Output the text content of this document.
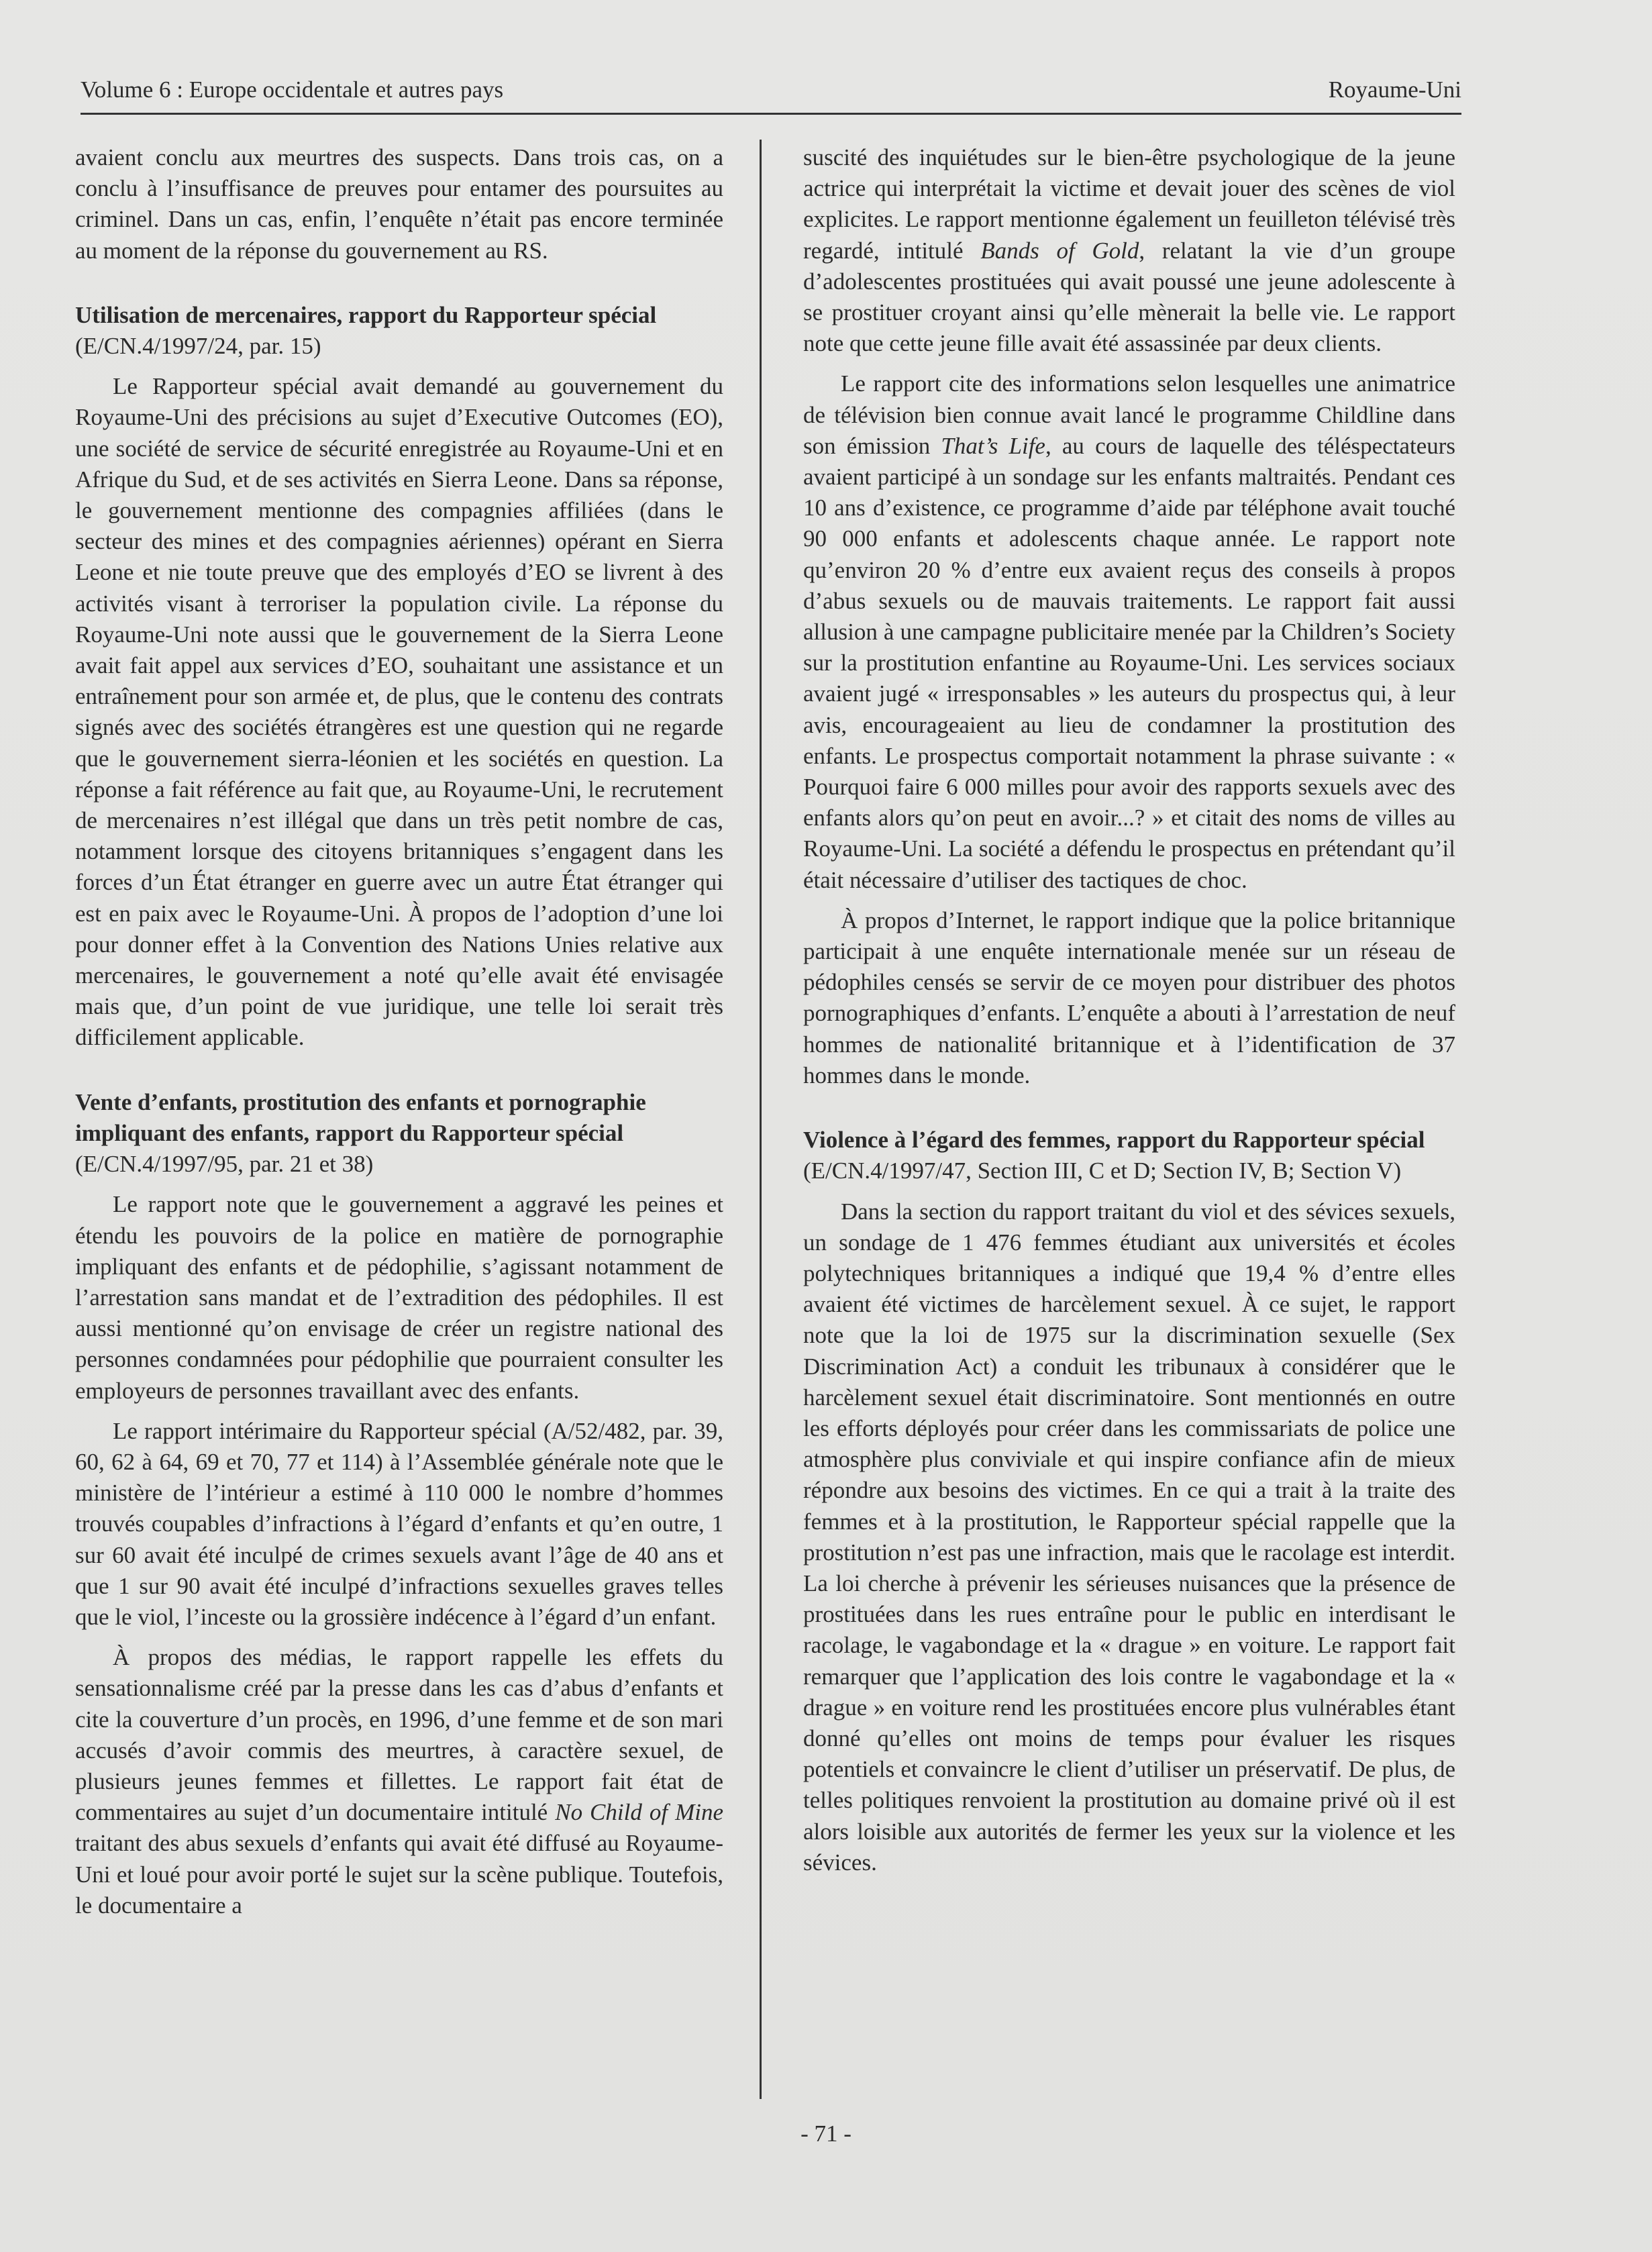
Volume 6 : Europe occidentale et autres pays	Royaume-Uni

avaient conclu aux meurtres des suspects. Dans trois cas, on a conclu à l’insuffisance de preuves pour entamer des poursuites au criminel. Dans un cas, enfin, l’enquête n’était pas encore terminée au moment de la réponse du gouvernement au RS.

Utilisation de mercenaires, rapport du Rapporteur spécial (E/CN.4/1997/24, par. 15)

Le Rapporteur spécial avait demandé au gouvernement du Royaume-Uni des précisions au sujet d’Executive Outcomes (EO), une société de service de sécurité enregistrée au Royaume-Uni et en Afrique du Sud, et de ses activités en Sierra Leone. Dans sa réponse, le gouvernement mentionne des compagnies affiliées (dans le secteur des mines et des compagnies aériennes) opérant en Sierra Leone et nie toute preuve que des employés d’EO se livrent à des activités visant à terroriser la population civile. La réponse du Royaume-Uni note aussi que le gouvernement de la Sierra Leone avait fait appel aux services d’EO, souhaitant une assistance et un entraînement pour son armée et, de plus, que le contenu des contrats signés avec des sociétés étrangères est une question qui ne regarde que le gouvernement sierra-léonien et les sociétés en question. La réponse a fait référence au fait que, au Royaume-Uni, le recrutement de mercenaires n’est illégal que dans un très petit nombre de cas, notamment lorsque des citoyens britanniques s’engagent dans les forces d’un État étranger en guerre avec un autre État étranger qui est en paix avec le Royaume-Uni. À propos de l’adoption d’une loi pour donner effet à la Convention des Nations Unies relative aux mercenaires, le gouvernement a noté qu’elle avait été envisagée mais que, d’un point de vue juridique, une telle loi serait très difficilement applicable.

Vente d’enfants, prostitution des enfants et pornographie impliquant des enfants, rapport du Rapporteur spécial
(E/CN.4/1997/95, par. 21 et 38)

Le rapport note que le gouvernement a aggravé les peines et étendu les pouvoirs de la police en matière de pornographie impliquant des enfants et de pédophilie, s’agissant notamment de l’arrestation sans mandat et de l’extradition des pédophiles. Il est aussi mentionné qu’on envisage de créer un registre national des personnes condamnées pour pédophilie que pourraient consulter les employeurs de personnes travaillant avec des enfants.

Le rapport intérimaire du Rapporteur spécial (A/52/482, par. 39, 60, 62 à 64, 69 et 70, 77 et 114) à l’Assemblée générale note que le ministère de l’intérieur a estimé à 110 000 le nombre d’hommes trouvés coupables d’infractions à l’égard d’enfants et qu’en outre, 1 sur 60 avait été inculpé de crimes sexuels avant l’âge de 40 ans et que 1 sur 90 avait été inculpé d’infractions sexuelles graves telles que le viol, l’inceste ou la grossière indécence à l’égard d’un enfant.

À propos des médias, le rapport rappelle les effets du sensationnalisme créé par la presse dans les cas d’abus d’enfants et cite la couverture d’un procès, en 1996, d’une femme et de son mari accusés d’avoir commis des meurtres, à caractère sexuel, de plusieurs jeunes femmes et fillettes. Le rapport fait état de commentaires au sujet d’un documentaire intitulé No Child of Mine traitant des abus sexuels d’enfants qui avait été diffusé au Royaume-Uni et loué pour avoir porté le sujet sur la scène publique. Toutefois, le documentaire a

suscité des inquiétudes sur le bien-être psychologique de la jeune actrice qui interprétait la victime et devait jouer des scènes de viol explicites. Le rapport mentionne également un feuilleton télévisé très regardé, intitulé Bands of Gold, relatant la vie d’un groupe d’adolescentes prostituées qui avait poussé une jeune adolescente à se prostituer croyant ainsi qu’elle mènerait la belle vie. Le rapport note que cette jeune fille avait été assassinée par deux clients.

Le rapport cite des informations selon lesquelles une animatrice de télévision bien connue avait lancé le programme Childline dans son émission That’s Life, au cours de laquelle des téléspectateurs avaient participé à un sondage sur les enfants maltraités. Pendant ces 10 ans d’existence, ce programme d’aide par téléphone avait touché 90 000 enfants et adolescents chaque année. Le rapport note qu’environ 20 % d’entre eux avaient reçus des conseils à propos d’abus sexuels ou de mauvais traitements. Le rapport fait aussi allusion à une campagne publicitaire menée par la Children’s Society sur la prostitution enfantine au Royaume-Uni. Les services sociaux avaient jugé « irresponsables » les auteurs du prospectus qui, à leur avis, encourageaient au lieu de condamner la prostitution des enfants. Le prospectus comportait notamment la phrase suivante : « Pourquoi faire 6 000 milles pour avoir des rapports sexuels avec des enfants alors qu’on peut en avoir...? » et citait des noms de villes au Royaume-Uni. La société a défendu le prospectus en prétendant qu’il était nécessaire d’utiliser des tactiques de choc.

À propos d’Internet, le rapport indique que la police britannique participait à une enquête internationale menée sur un réseau de pédophiles censés se servir de ce moyen pour distribuer des photos pornographiques d’enfants. L’enquête a abouti à l’arrestation de neuf hommes de nationalité britannique et à l’identification de 37 hommes dans le monde.

Violence à l’égard des femmes, rapport du Rapporteur spécial (E/CN.4/1997/47, Section III, C et D; Section IV, B; Section V)

Dans la section du rapport traitant du viol et des sévices sexuels, un sondage de 1 476 femmes étudiant aux universités et écoles polytechniques britanniques a indiqué que 19,4 % d’entre elles avaient été victimes de harcèlement sexuel. À ce sujet, le rapport note que la loi de 1975 sur la discrimination sexuelle (Sex Discrimination Act) a conduit les tribunaux à considérer que le harcèlement sexuel était discriminatoire. Sont mentionnés en outre les efforts déployés pour créer dans les commissariats de police une atmosphère plus conviviale et qui inspire confiance afin de mieux répondre aux besoins des victimes. En ce qui a trait à la traite des femmes et à la prostitution, le Rapporteur spécial rappelle que la prostitution n’est pas une infraction, mais que le racolage est interdit. La loi cherche à prévenir les sérieuses nuisances que la présence de prostituées dans les rues entraîne pour le public en interdisant le racolage, le vagabondage et la « drague » en voiture. Le rapport fait remarquer que l’application des lois contre le vagabondage et la « drague » en voiture rend les prostituées encore plus vulnérables étant donné qu’elles ont moins de temps pour évaluer les risques potentiels et convaincre le client d’utiliser un préservatif. De plus, de telles politiques renvoient la prostitution au domaine privé où il est alors loisible aux autorités de fermer les yeux sur la violence et les sévices.

- 71 -
